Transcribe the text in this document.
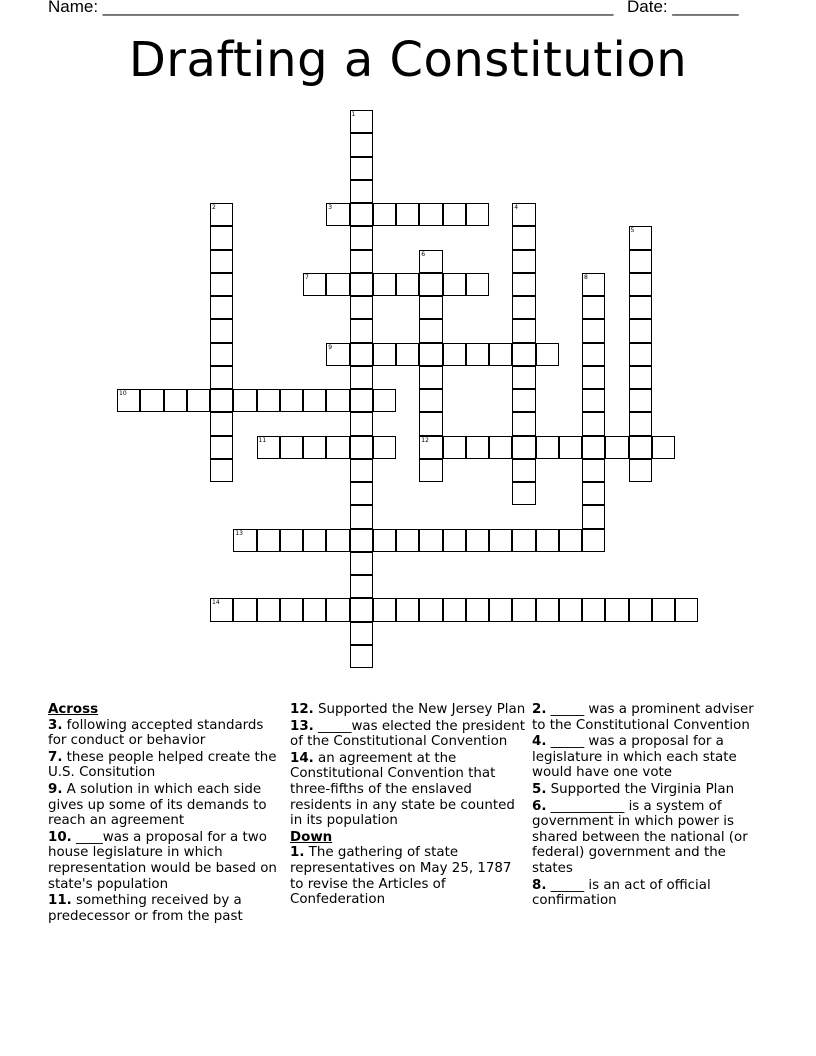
Name: ______________________________________________________ Date: _______
Drafting a Constitution
1
2	3	4
5
6
12
7	8
9
10
11
13
14
Across
3. following accepted standards for conduct or behavior
7. these people helped create the U.S. Consitution
9. A solution in which each side gives up some of its demands to reach an agreement
10. ____was a proposal for a two house legislature in which representation would be based on state's population
11. something received by a predecessor or from the past
12. Supported the New Jersey Plan
13. _____was elected the president of the Constitutional Convention
14. an agreement at the Constitutional Convention that three-fifths of the enslaved residents in any state be counted in its population
Down
1. The gathering of state representatives on May 25, 1787 to revise the Articles of Confederation
2. _____ was a prominent adviser to the Constitutional Convention
4. _____ was a proposal for a legislature in which each state would have one vote
5. Supported the Virginia Plan
6. ___________ is a system of government in which power is shared between the national (or federal) government and the states
8. _____ is an act of official confirmation
